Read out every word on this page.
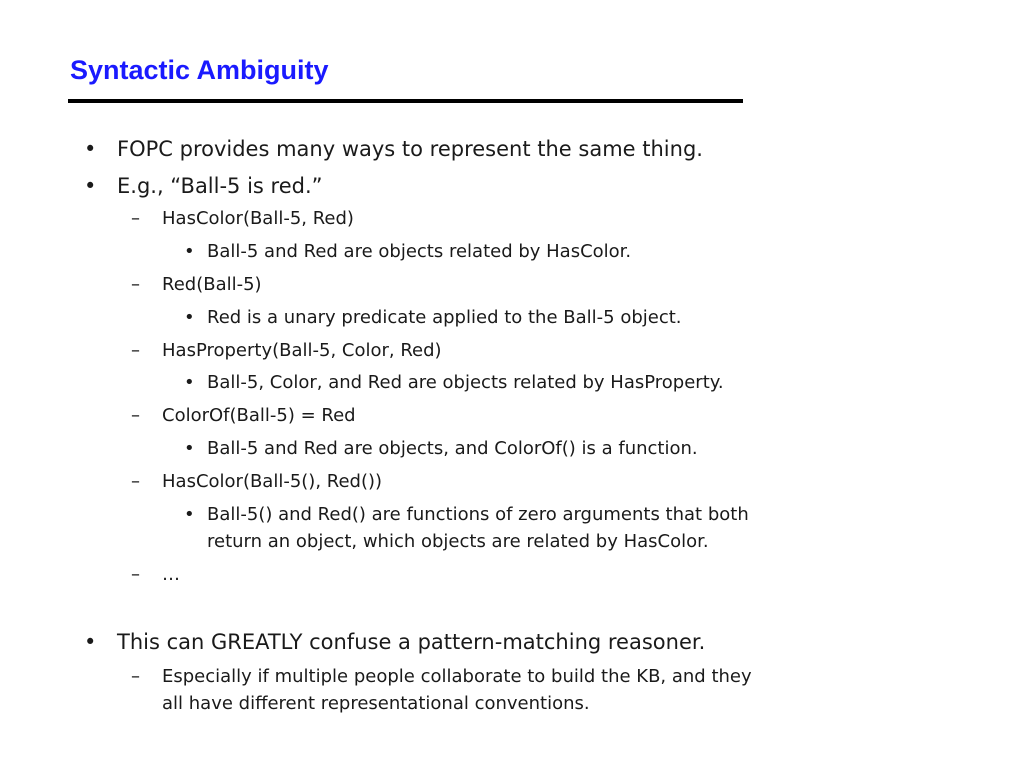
Syntactic Ambiguity
• FOPC provides many ways to represent the same thing.

• E.g., “Ball-5 is red.”

– HasColor(Ball-5, Red)

• Ball-5 and Red are objects related by HasColor.

– Red(Ball-5)

• Red is a unary predicate applied to the Ball-5 object.

– HasProperty(Ball-5, Color, Red)

• Ball-5, Color, and Red are objects related by HasProperty.

– ColorOf(Ball-5) = Red

• Ball-5 and Red are objects, and ColorOf() is a function.

– HasColor(Ball-5(), Red())

• Ball-5() and Red() are functions of zero arguments that both

return an object, which objects are related by HasColor.

– …

• This can GREATLY confuse a pattern-matching reasoner.

– Especially if multiple people collaborate to build the KB, and they

all have different representational conventions.
